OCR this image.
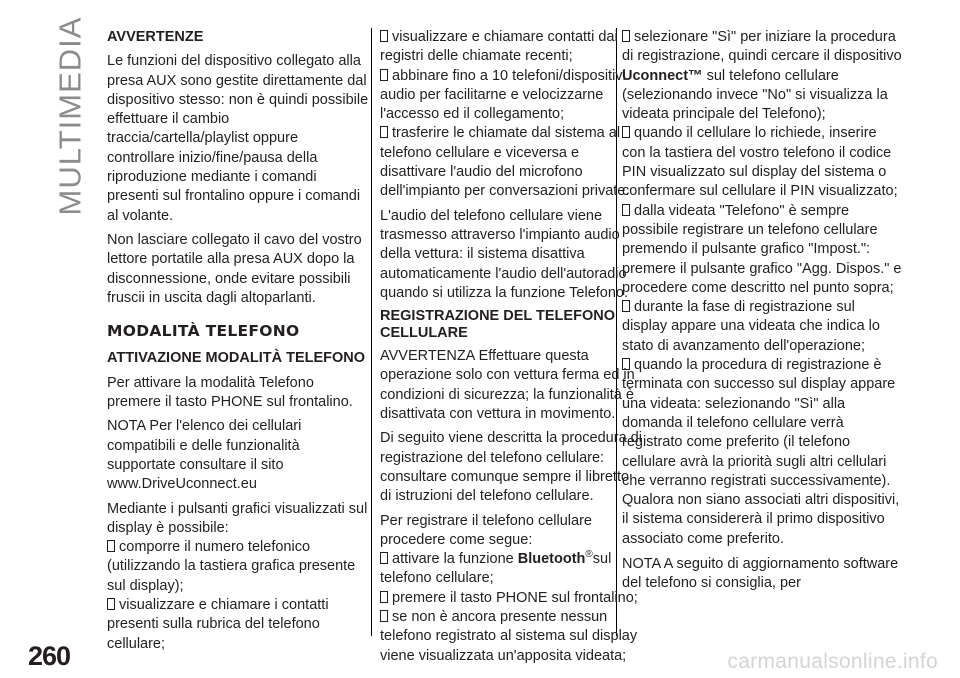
MULTIMEDIA AVVERTENZE

Le funzioni del dispositivo collegato alla presa AUX sono gestite direttamente dal dispositivo stesso: non è quindi possibile effettuare il cambio traccia/cartella/playlist oppure controllare inizio/fine/pausa della riproduzione mediante i comandi presenti sul frontalino oppure i comandi al volante.

Non lasciare collegato il cavo del vostro lettore portatile alla presa AUX dopo la disconnessione, onde evitare possibili fruscii in uscita dagli altoparlanti.

MODALITÀ TELEFONO

ATTIVAZIONE MODALITÀ TELEFONO

Per attivare la modalità Telefono premere il tasto PHONE sul frontalino.

NOTA Per l'elenco dei cellulari compatibili e delle funzionalità supportate consultare il sito www.DriveUconnect.eu

Mediante i pulsanti grafici visualizzati sul display è possibile:

comporre il numero telefonico (utilizzando la tastiera grafica presente sul display);

visualizzare e chiamare i contatti presenti sulla rubrica del telefono cellulare;

visualizzare e chiamare contatti dai registri delle chiamate recenti;

abbinare fino a 10 telefoni/dispositivi audio per facilitarne e velocizzarne l'accesso ed il collegamento;

trasferire le chiamate dal sistema al telefono cellulare e viceversa e disattivare l'audio del microfono dell'impianto per conversazioni private.

L'audio del telefono cellulare viene trasmesso attraverso l'impianto audio della vettura: il sistema disattiva automaticamente l'audio dell'autoradio quando si utilizza la funzione Telefono.

REGISTRAZIONE DEL TELEFONO CELLULARE

AVVERTENZA Effettuare questa operazione solo con vettura ferma ed in condizioni di sicurezza; la funzionalità è disattivata con vettura in movimento.

Di seguito viene descritta la procedura di registrazione del telefono cellulare: consultare comunque sempre il libretto di istruzioni del telefono cellulare.

Per registrare il telefono cellulare procedere come segue:

attivare la funzione Bluetooth®sul telefono cellulare;

premere il tasto PHONE sul frontalino;

se non è ancora presente nessun telefono registrato al sistema sul display viene visualizzata un'apposita videata;

selezionare "Sì" per iniziare la procedura di registrazione, quindi cercare il dispositivo Uconnect™ sul telefono cellulare (selezionando invece "No" si visualizza la videata principale del Telefono);

quando il cellulare lo richiede, inserire con la tastiera del vostro telefono il codice PIN visualizzato sul display del sistema o confermare sul cellulare il PIN visualizzato;

dalla videata "Telefono" è sempre possibile registrare un telefono cellulare premendo il pulsante grafico "Impost.": premere il pulsante grafico "Agg. Dispos." e procedere come descritto nel punto sopra;

durante la fase di registrazione sul display appare una videata che indica lo stato di avanzamento dell'operazione;

quando la procedura di registrazione è terminata con successo sul display appare una videata: selezionando "Sì" alla domanda il telefono cellulare verrà registrato come preferito (il telefono cellulare avrà la priorità sugli altri cellulari che verranno registrati successivamente). Qualora non siano associati altri dispositivi, il sistema considererà il primo dispositivo associato come preferito.

NOTA A seguito di aggiornamento software del telefono si consiglia, per

260	carmanualsonline.info
